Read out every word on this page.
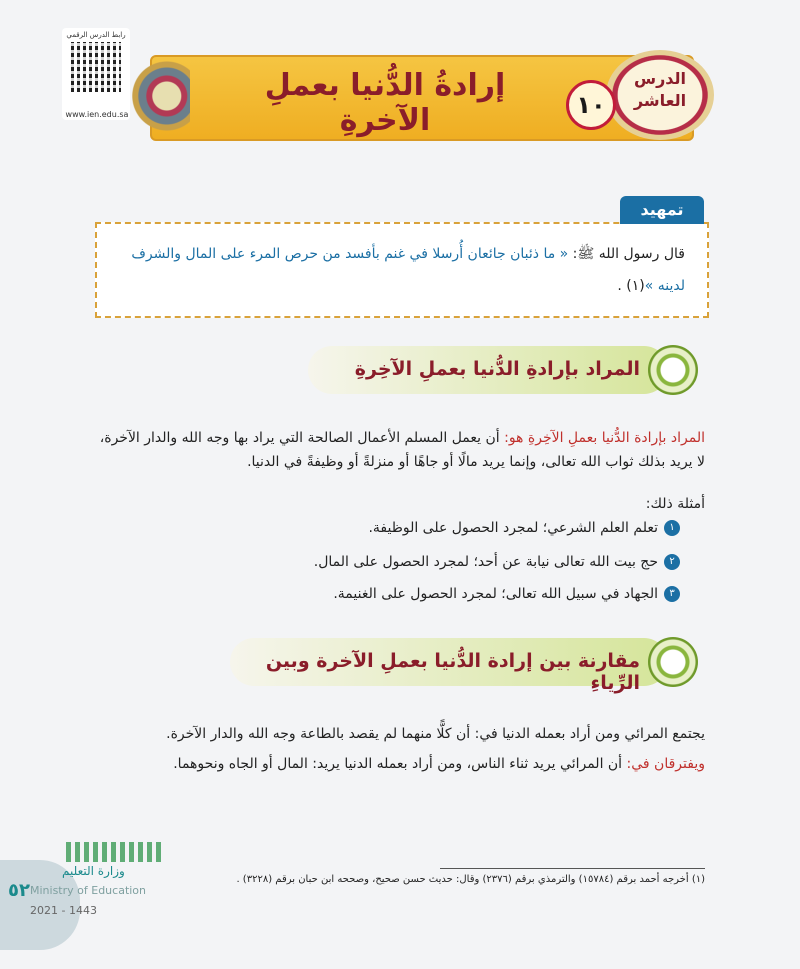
رابط الدرس الرقمي
www.ien.edu.sa
إرادةُ الدُّنيا بعملِ الآخرةِ
الدرس
العاشر
١٠
تمهيد
قال رسول الله ﷺ: « ما ذئبان جائعان أُرسلا في غنم بأفسد من حرص المرء على المال والشرف لدينه »(١) .
المراد بإرادةِ الدُّنيا بعملِ الآخِرةِ
المراد بإرادة الدُّنيا بعملِ الآخِرةِ هو: أن يعمل المسلم الأعمال الصالحة التي يراد بها وجه الله والدار الآخرة، لا يريد بذلك ثواب الله تعالى، وإنما يريد مالًا أو جاهًا أو منزلةً أو وظيفةً في الدنيا.
أمثلة ذلك:
١تعلم العلم الشرعي؛ لمجرد الحصول على الوظيفة.
٢حج بيت الله تعالى نيابة عن أحد؛ لمجرد الحصول على المال.
٣الجهاد في سبيل الله تعالى؛ لمجرد الحصول على الغنيمة.
مقارنة بين إرادة الدُّنيا بعملِ الآخرة وبين الرِّياءِ
يجتمع المرائي ومن أراد بعمله الدنيا في: أن كلًّا منهما لم يقصد بالطاعة وجه الله والدار الآخرة.
ويفترقان في: أن المرائي يريد ثناء الناس، ومن أراد بعمله الدنيا يريد: المال أو الجاه ونحوهما.
(١) أخرجه أحمد برقم (١٥٧٨٤) والترمذي برقم (٢٣٧٦) وقال: حديث حسن صحيح، وصححه ابن حبان برقم (٣٢٢٨) .
وزارة التعليم
Ministry of Education
٥٢
2021 - 1443
